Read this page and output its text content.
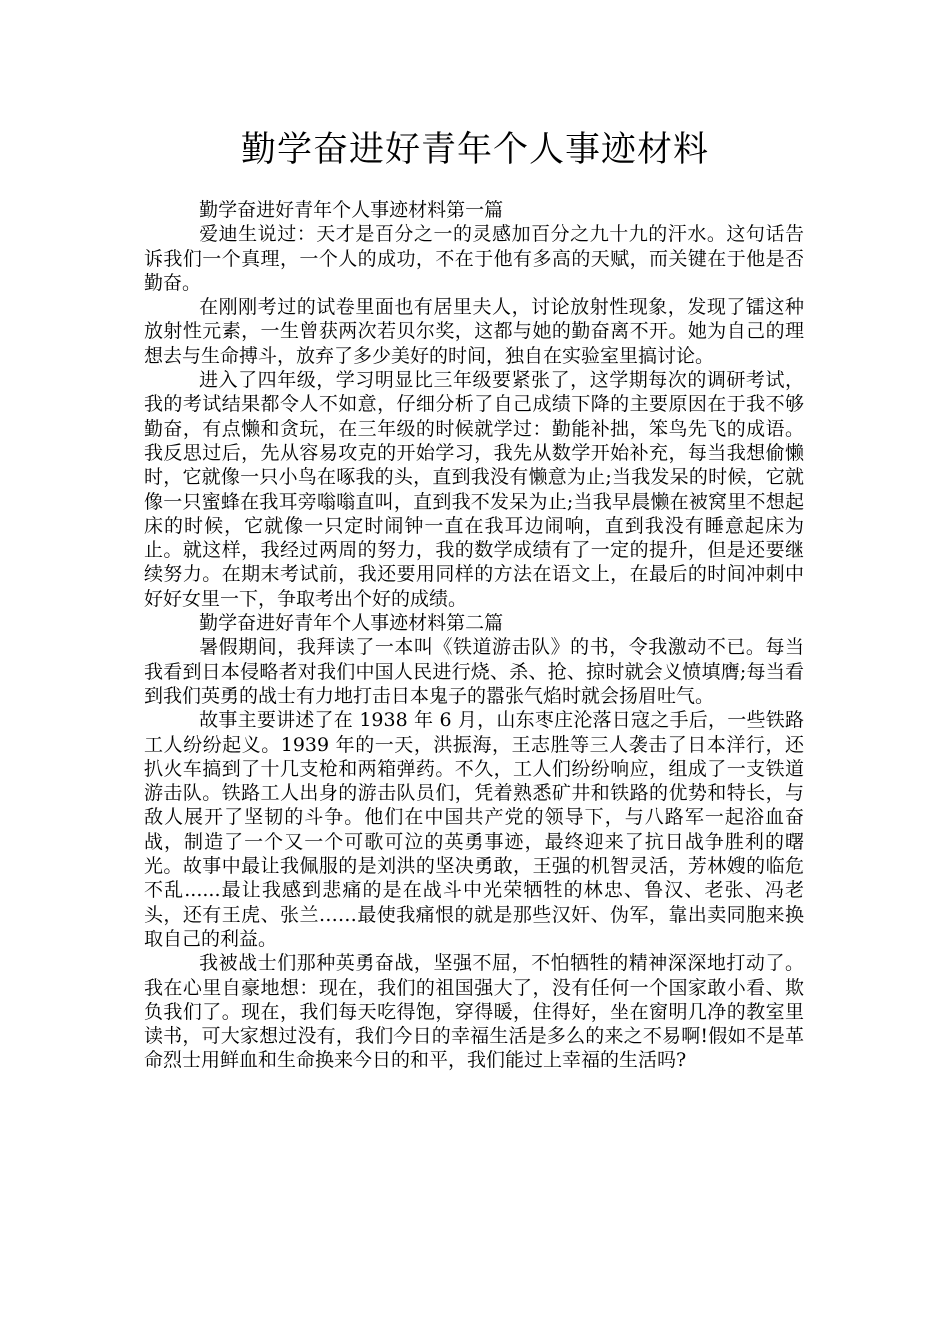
勤学奋进好青年个人事迹材料

勤学奋进好青年个人事迹材料第一篇

爱迪生说过：天才是百分之一的灵感加百分之九十九的汗水。这句话告诉我们一个真理，一个人的成功，不在于他有多高的天赋，而关键在于他是否勤奋。

在刚刚考过的试卷里面也有居里夫人，讨论放射性现象，发现了镭这种放射性元素，一生曾获两次若贝尔奖，这都与她的勤奋离不开。她为自己的理想去与生命搏斗，放弃了多少美好的时间，独自在实验室里搞讨论。

进入了四年级，学习明显比三年级要紧张了，这学期每次的调研考试，我的考试结果都令人不如意，仔细分析了自己成绩下降的主要原因在于我不够勤奋，有点懒和贪玩，在三年级的时候就学过：勤能补拙，笨鸟先飞的成语。我反思过后，先从容易攻克的开始学习，我先从数学开始补充，每当我想偷懒时，它就像一只小鸟在啄我的头，直到我没有懒意为止;当我发呆的时候，它就像一只蜜蜂在我耳旁嗡嗡直叫，直到我不发呆为止;当我早晨懒在被窝里不想起床的时候，它就像一只定时闹钟一直在我耳边闹响，直到我没有睡意起床为止。就这样，我经过两周的努力，我的数学成绩有了一定的提升，但是还要继续努力。在期末考试前，我还要用同样的方法在语文上，在最后的时间冲刺中好好女里一下，争取考出个好的成绩。

勤学奋进好青年个人事迹材料第二篇

暑假期间，我拜读了一本叫《铁道游击队》的书，令我激动不已。每当我看到日本侵略者对我们中国人民进行烧、杀、抢、掠时就会义愤填膺;每当看到我们英勇的战士有力地打击日本鬼子的嚣张气焰时就会扬眉吐气。

故事主要讲述了在 1938 年 6 月，山东枣庄沦落日寇之手后，一些铁路工人纷纷起义。1939 年的一天，洪振海，王志胜等三人袭击了日本洋行，还扒火车搞到了十几支枪和两箱弹药。不久，工人们纷纷响应，组成了一支铁道游击队。铁路工人出身的游击队员们，凭着熟悉矿井和铁路的优势和特长，与敌人展开了坚韧的斗争。他们在中国共产党的领导下，与八路军一起浴血奋战，制造了一个又一个可歌可泣的英勇事迹，最终迎来了抗日战争胜利的曙光。故事中最让我佩服的是刘洪的坚决勇敢，王强的机智灵活，芳林嫂的临危不乱......最让我感到悲痛的是在战斗中光荣牺牲的林忠、鲁汉、老张、冯老头，还有王虎、张兰……最使我痛恨的就是那些汉奸、伪军，靠出卖同胞来换取自己的利益。

我被战士们那种英勇奋战，坚强不屈，不怕牺牲的精神深深地打动了。我在心里自豪地想：现在，我们的祖国强大了，没有任何一个国家敢小看、欺负我们了。现在，我们每天吃得饱，穿得暖，住得好，坐在窗明几净的教室里读书，可大家想过没有，我们今日的幸福生活是多么的来之不易啊!假如不是革命烈士用鲜血和生命换来今日的和平，我们能过上幸福的生活吗?
